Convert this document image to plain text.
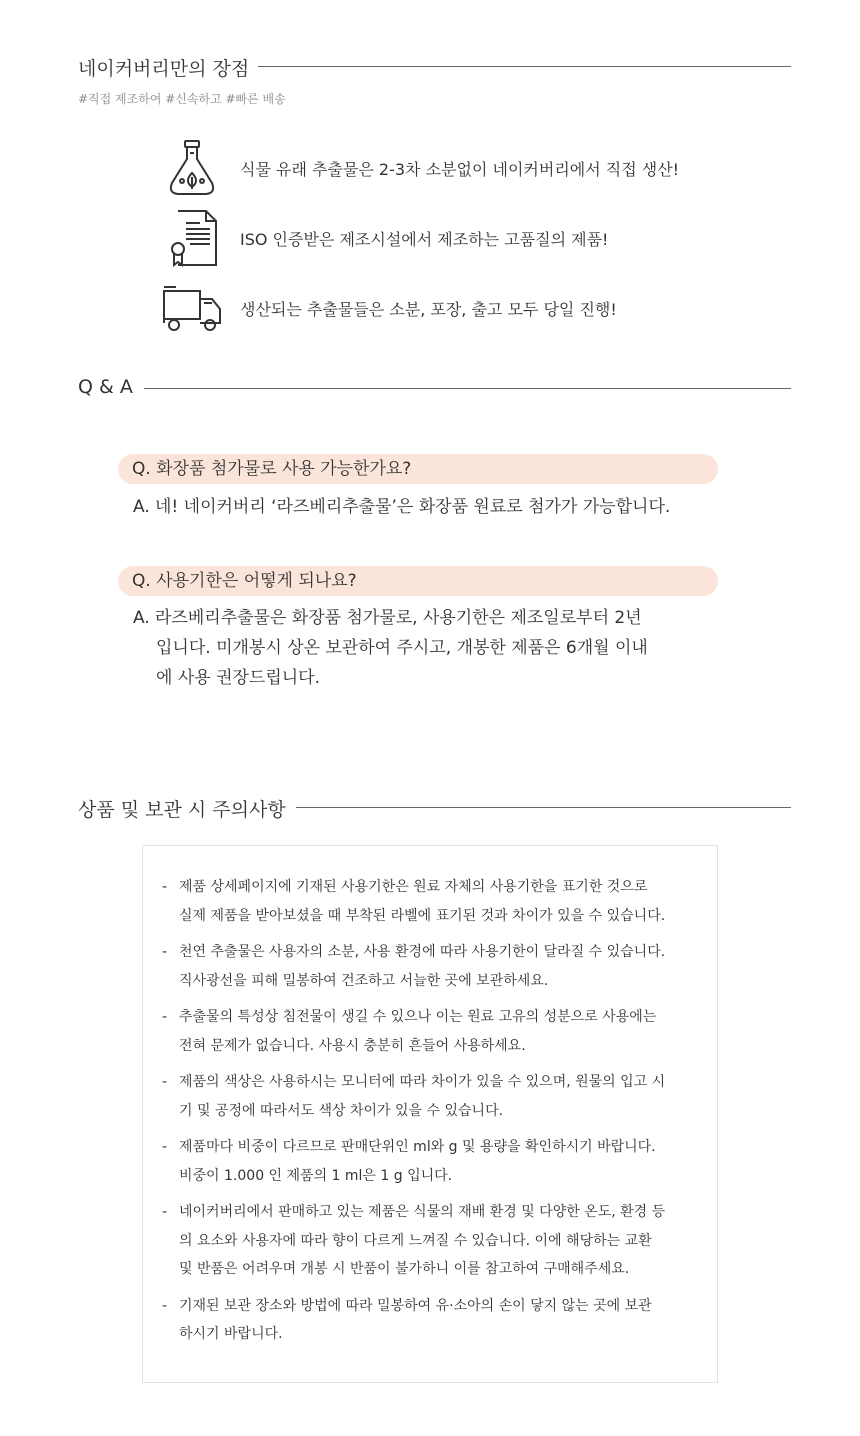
네이커버리만의 장점
#직접 제조하여 #신속하고 #빠른 배송
식물 유래 추출물은 2-3차 소분없이 네이커버리에서 직접 생산!
ISO 인증받은 제조시설에서 제조하는 고품질의 제품!
생산되는 추출물들은 소분, 포장, 출고 모두 당일 진행!
Q & A
Q. 화장품 첨가물로 사용 가능한가요?
A. 네! 네이커버리 ‘라즈베리추출물’은 화장품 원료로 첨가가 가능합니다.
Q. 사용기한은 어떻게 되나요?
A. 라즈베리추출물은 화장품 첨가물로, 사용기한은 제조일로부터 2년
입니다. 미개봉시 상온 보관하여 주시고, 개봉한 제품은 6개월 이내
에 사용 권장드립니다.
상품 및 보관 시 주의사항
- 제품 상세페이지에 기재된 사용기한은 원료 자체의 사용기한을 표기한 것으로
실제 제품을 받아보셨을 때 부착된 라벨에 표기된 것과 차이가 있을 수 있습니다.
- 천연 추출물은 사용자의 소분, 사용 환경에 따라 사용기한이 달라질 수 있습니다.
직사광선을 피해 밀봉하여 건조하고 서늘한 곳에 보관하세요.
- 추출물의 특성상 침전물이 생길 수 있으나 이는 원료 고유의 성분으로 사용에는
전혀 문제가 없습니다. 사용시 충분히 흔들어 사용하세요.
- 제품의 색상은 사용하시는 모니터에 따라 차이가 있을 수 있으며, 원물의 입고 시
기 및 공정에 따라서도 색상 차이가 있을 수 있습니다.
- 제품마다 비중이 다르므로 판매단위인 ml와 g 및 용량을 확인하시기 바랍니다.
비중이 1.000 인 제품의 1 ml은 1 g 입니다.
- 네이커버리에서 판매하고 있는 제품은 식물의 재배 환경 및 다양한 온도, 환경 등
의 요소와 사용자에 따라 향이 다르게 느껴질 수 있습니다. 이에 해당하는 교환
및 반품은 어려우며 개봉 시 반품이 불가하니 이를 참고하여 구매해주세요.
- 기재된 보관 장소와 방법에 따라 밀봉하여 유·소아의 손이 닿지 않는 곳에 보관
하시기 바랍니다.
